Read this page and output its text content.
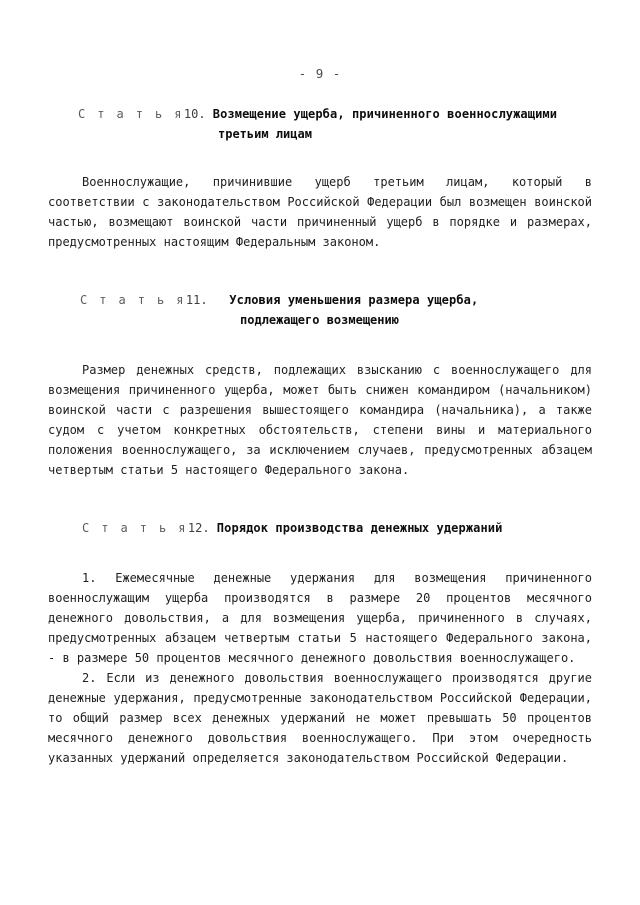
- 9 -
С т а т ь я10. Возмещение ущерба, причиненного военнослужащими
третьим лицам

Военнослужащие, причинившие ущерб третьим лицам, который в соответствии с законодательством Российской Федерации был возмещен воинской частью, возмещают воинской части причиненный ущерб в порядке и размерах, предусмотренных настоящим Федеральным законом.

С т а т ь я11. Условия уменьшения размера ущерба,
подлежащего возмещению

Размер денежных средств, подлежащих взысканию с военнослужащего для возмещения причиненного ущерба, может быть снижен командиром (начальником) воинской части с разрешения вышестоящего командира (начальника), а также судом с учетом конкретных обстоятельств, степени вины и материального положения военнослужащего, за исключением случаев, предусмотренных абзацем четвертым статьи 5 настоящего Федерального закона.

С т а т ь я12. Порядок производства денежных удержаний

1. Ежемесячные денежные удержания для возмещения причиненного военнослужащим ущерба производятся в размере 20 процентов месячного денежного довольствия, а для возмещения ущерба, причиненного в случаях, предусмотренных абзацем четвертым статьи 5 настоящего Федерального закона, - в размере 50 процентов месячного денежного довольствия военнослужащего.

2. Если из денежного довольствия военнослужащего производятся другие денежные удержания, предусмотренные законодательством Российской Федерации, то общий размер всех денежных удержаний не может превышать 50 процентов месячного денежного довольствия военнослужащего. При этом очередность указанных удержаний определяется законодательством Российской Федерации.
